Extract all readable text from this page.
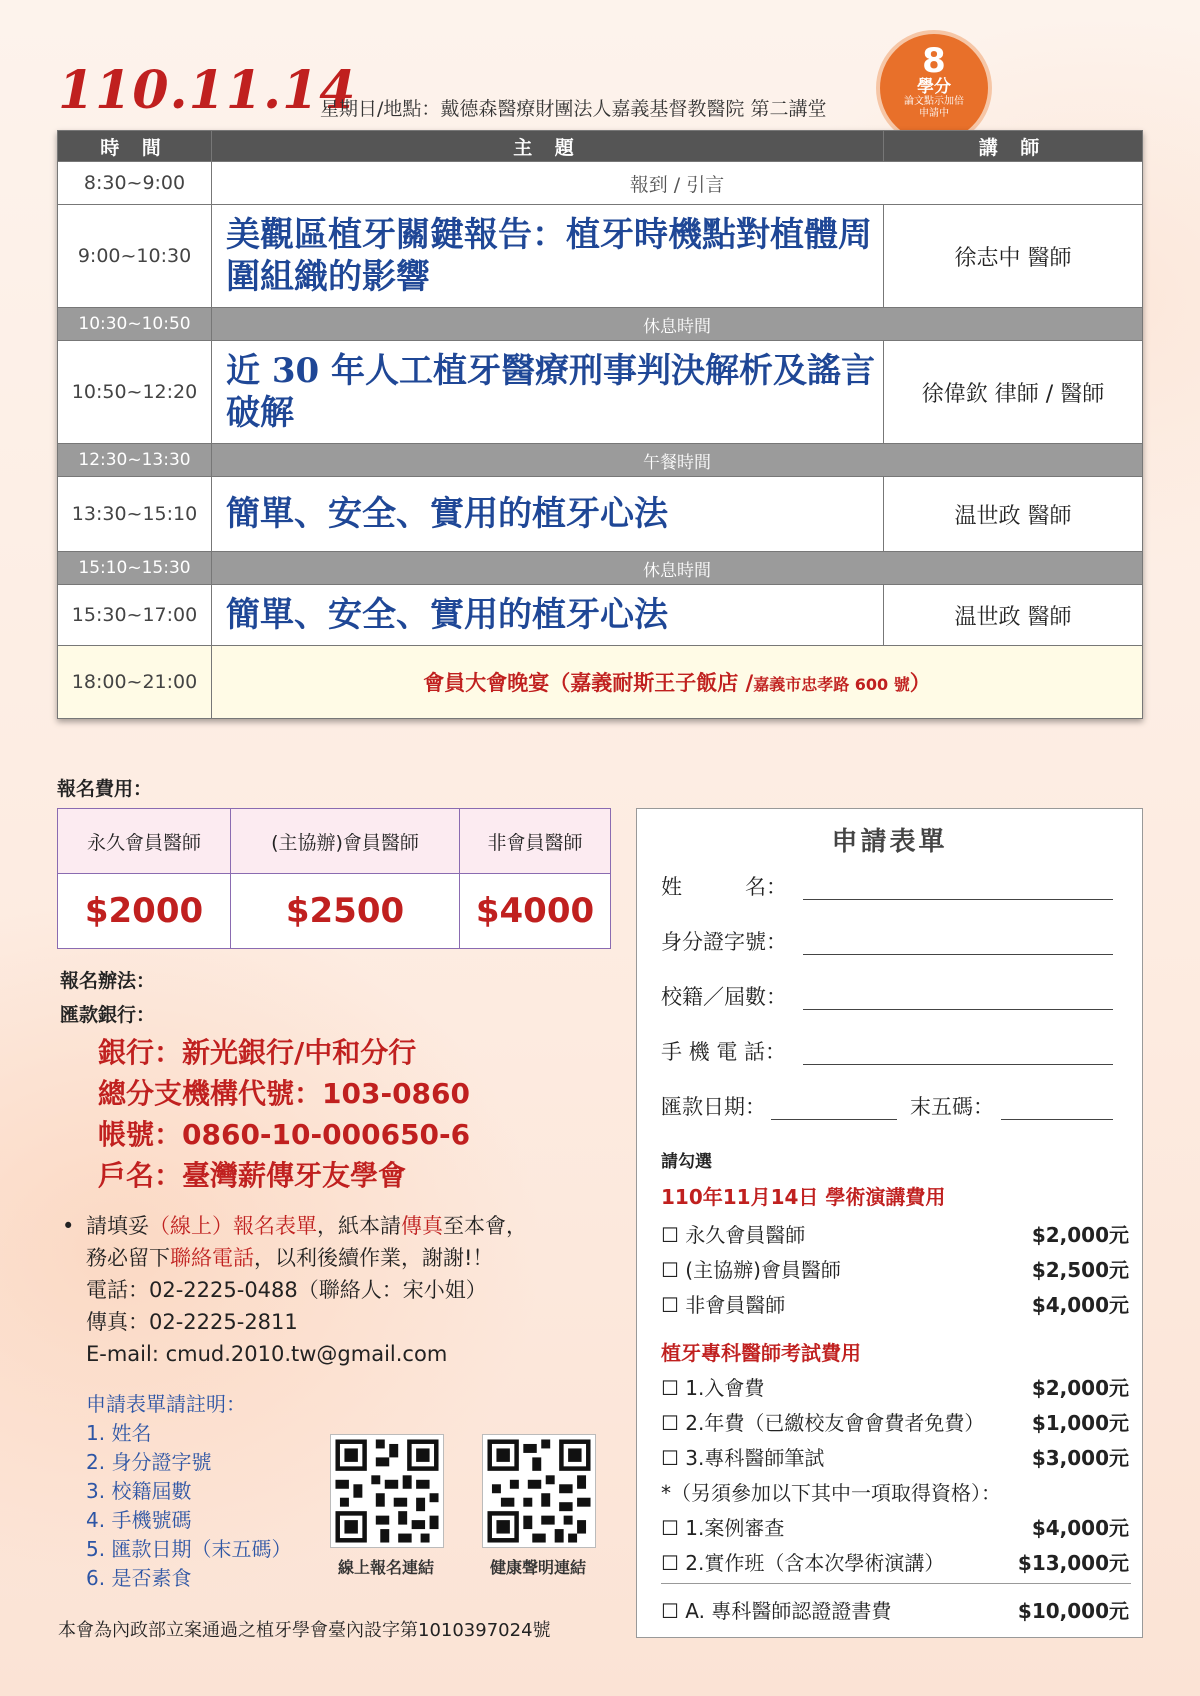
110.11.14
星期日/地點：戴德森醫療財團法人嘉義基督教醫院 第二講堂
8
學分
論文點示加倍
申請中
時 間	主 題	講 師
8:30~9:00	報到 / 引言	
9:00~10:30	美觀區植牙關鍵報告：植牙時機點對植體周圍組織的影響	徐志中 醫師
10:30~10:50	休息時間	
10:50~12:20	近 30 年人工植牙醫療刑事判決解析及謠言破解	徐偉欽 律師 / 醫師
12:30~13:30	午餐時間	
13:30~15:10	簡單、安全、實用的植牙心法	温世政 醫師
15:10~15:30	休息時間	
15:30~17:00	簡單、安全、實用的植牙心法	温世政 醫師
18:00~21:00	會員大會晚宴（嘉義耐斯王子飯店 /嘉義市忠孝路 600 號）	
報名費用：
永久會員醫師	(主協辦)會員醫師	非會員醫師
$2000	$2500	$4000
報名辦法：
匯款銀行：
銀行：新光銀行/中和分行
總分支機構代號：103-0860
帳號：0860-10-000650-6
戶名：臺灣薪傳牙友學會
• 請填妥（線上）報名表單，紙本請傳真至本會，
務必留下聯絡電話，以利後續作業，謝謝!！
電話：02-2225-0488（聯絡人：宋小姐）
傳真：02-2225-2811
E-mail: cmud.2010.tw@gmail.com
申請表單請註明：
1. 姓名
2. 身分證字號
3. 校籍屆數
4. 手機號碼
5. 匯款日期（末五碼）
6. 是否素食	線上報名連結	健康聲明連結
本會為內政部立案通過之植牙學會臺內設字第1010397024號
申請表單
姓　　　名：
身分證字號：
校籍／屆數：
手 機 電 話：
匯款日期：	末五碼：
請勾選
110年11月14日 學術演講費用
☐ 永久會員醫師	$2,000元
☐ (主協辦)會員醫師	$2,500元
☐ 非會員醫師	$4,000元
植牙專科醫師考試費用
☐ 1.入會費	$2,000元
☐ 2.年費（已繳校友會會費者免費） $1,000元
☐ 3.專科醫師筆試	$3,000元
*（另須參加以下其中一項取得資格）：
☐ 1.案例審查	$4,000元
☐ 2.實作班（含本次學術演講）	$13,000元
☐ A. 專科醫師認證證書費	$10,000元
